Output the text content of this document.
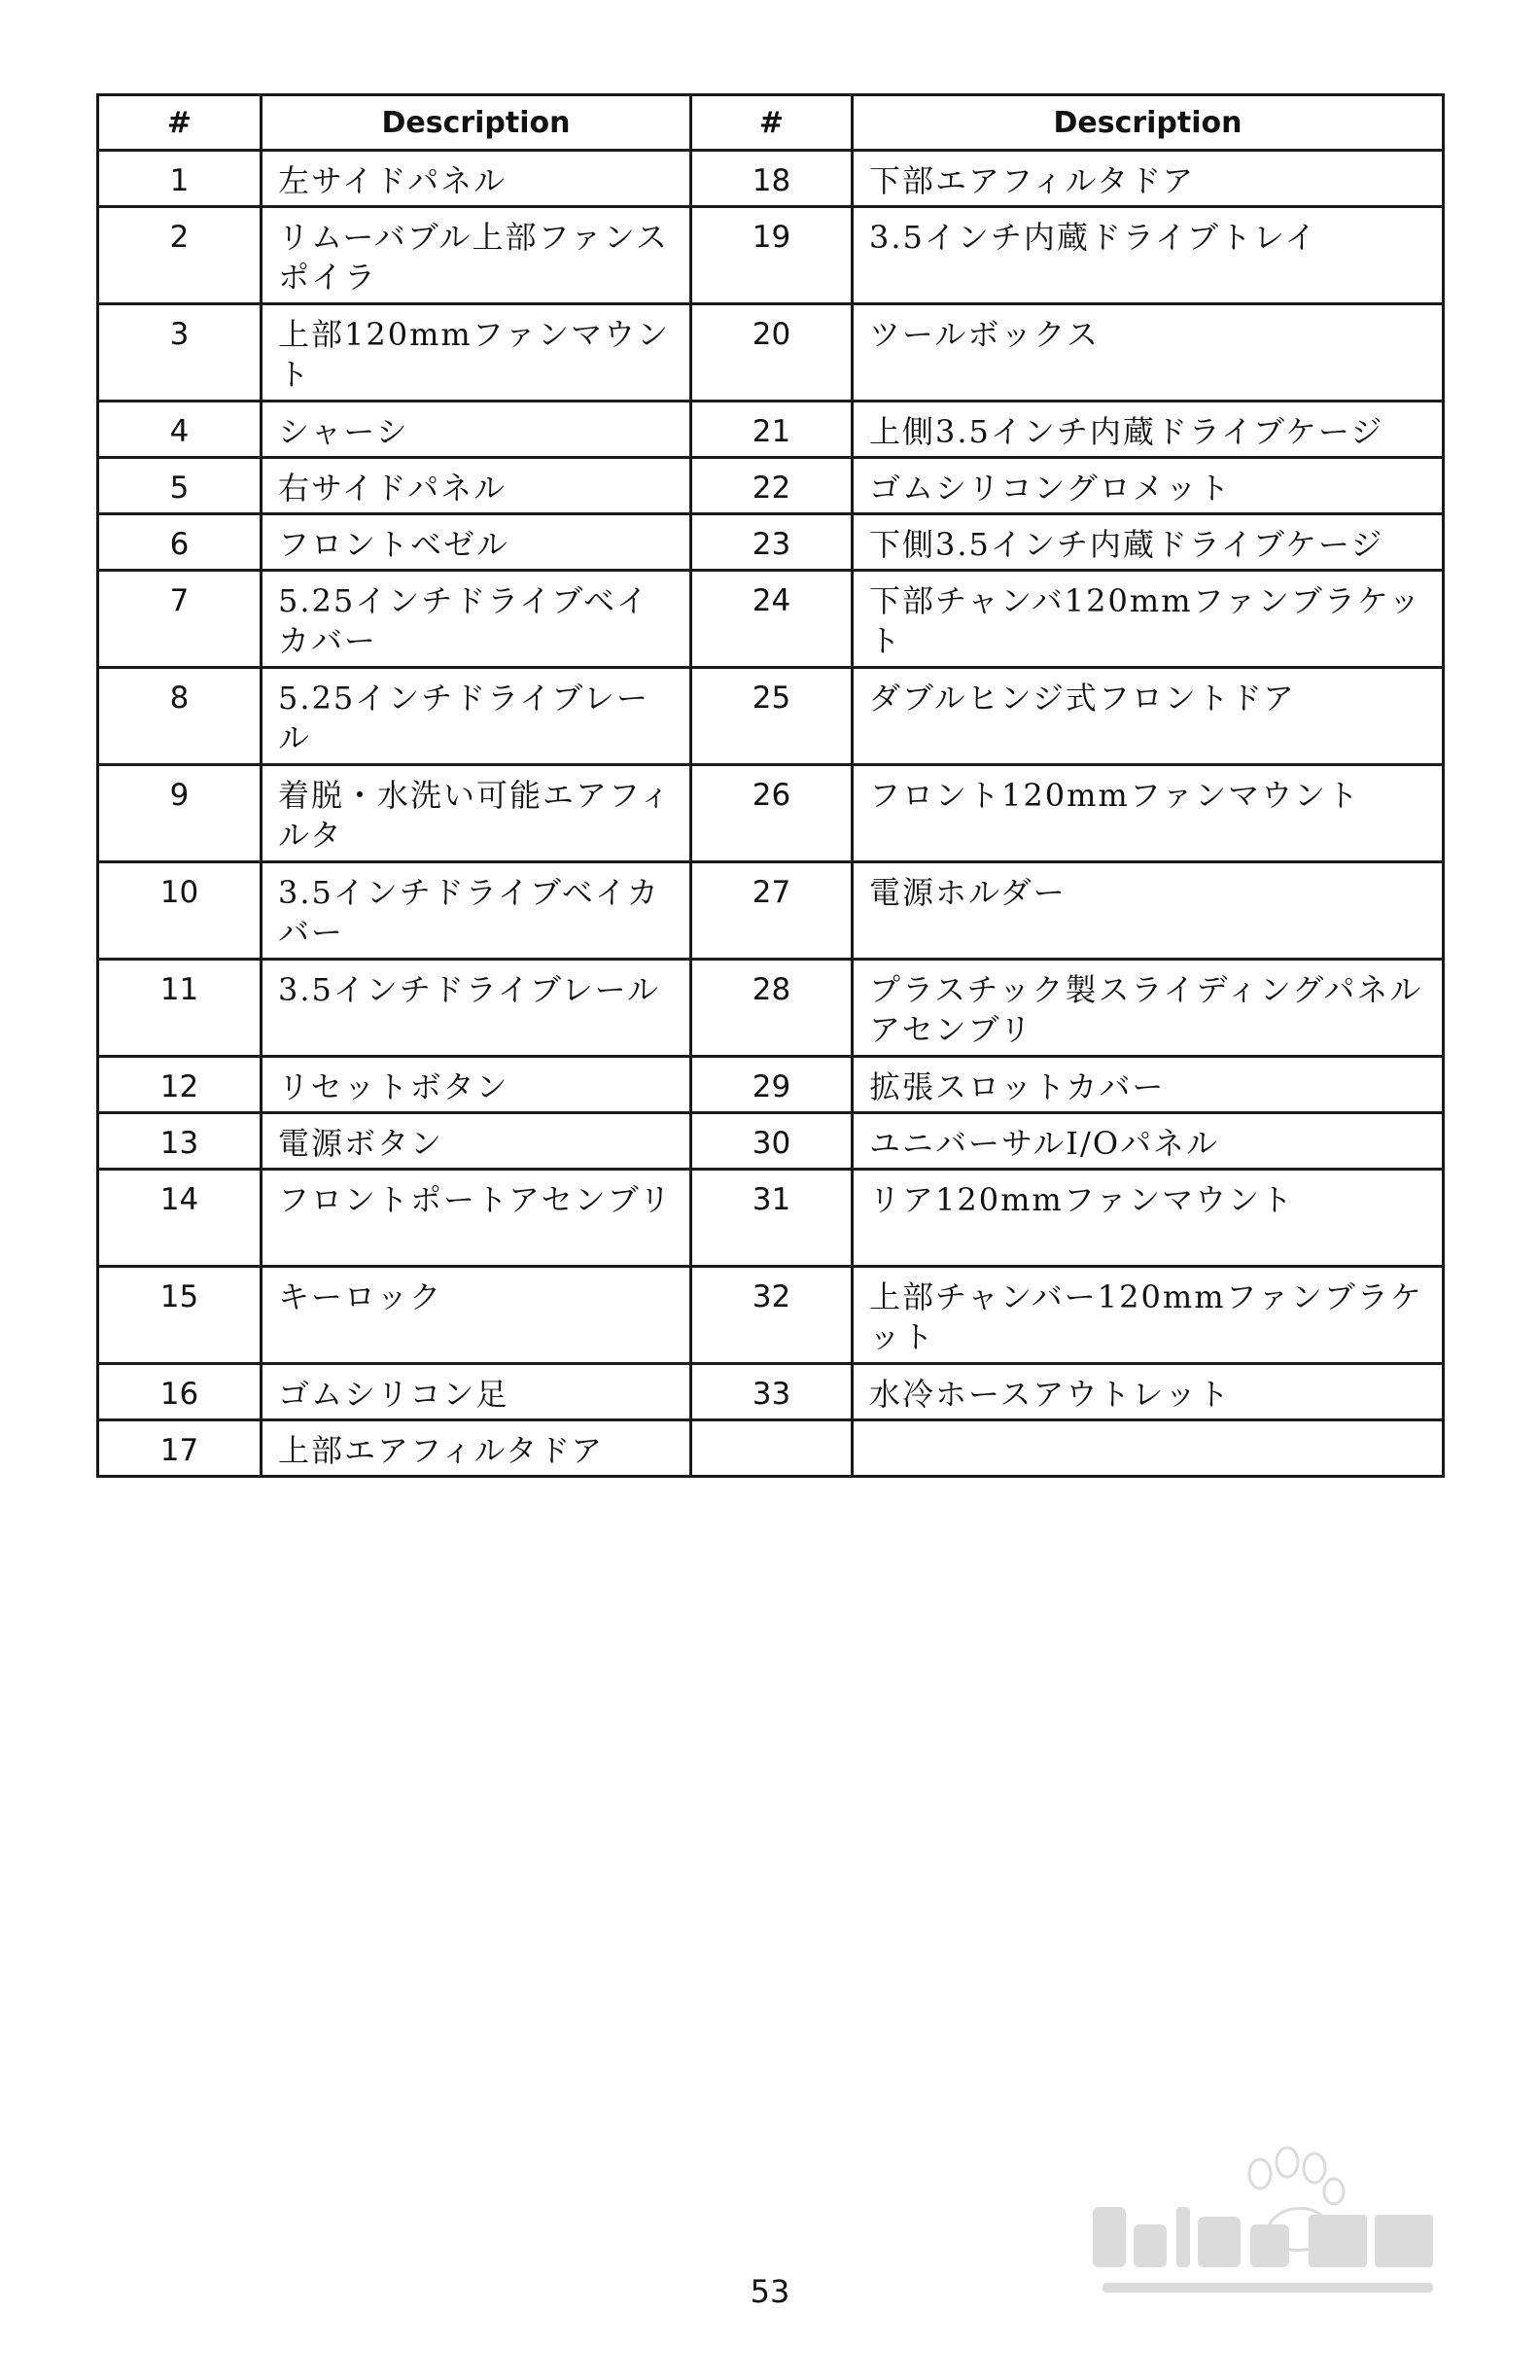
#	Description	#	Description
1	左サイドパネル	18	下部エアフィルタドア
2	リムーバブル上部ファンスポイラ	19	3.5インチ内蔵ドライブトレイ
3	上部120mmファンマウント	20	ツールボックス
4	シャーシ	21	上側3.5インチ内蔵ドライブケージ
5	右サイドパネル	22	ゴムシリコングロメット
6	フロントベゼル	23	下側3.5インチ内蔵ドライブケージ
7	5.25インチドライブベイカバー	24	下部チャンバ120mmファンブラケット
8	5.25インチドライブレール	25	ダブルヒンジ式フロントドア
9	着脱・水洗い可能エアフィルタ	26	フロント120mmファンマウント
10	3.5インチドライブベイカバー	27	電源ホルダー
11	3.5インチドライブレール	28	プラスチック製スライディングパネルアセンブリ
12	リセットボタン	29	拡張スロットカバー
13	電源ボタン	30	ユニバーサルI/Oパネル
14	フロントポートアセンブリ	31	リア120mmファンマウント
15	キーロック	32	上部チャンバー120mmファンブラケット
16	ゴムシリコン足	33	水冷ホースアウトレット
17	上部エアフィルタドア		
53
